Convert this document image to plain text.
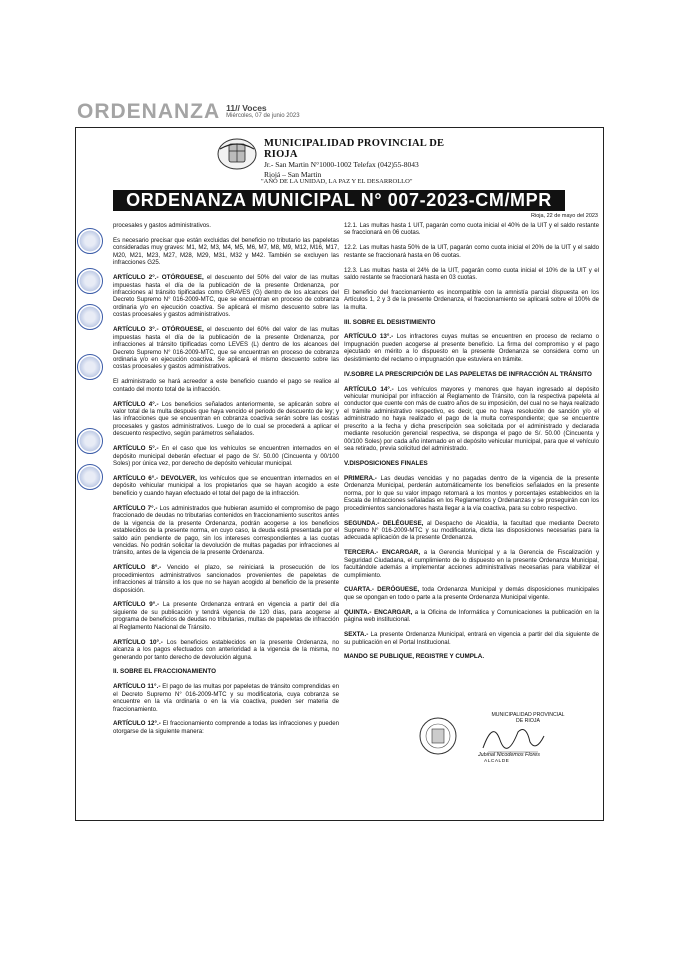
ORDENANZA 11// Voces
Miércoles, 07 de junio 2023
MUNICIPALIDAD PROVINCIAL DE RIOJA
Jr.- San Martin N°1000-1002 Telefax (042)55-8043
Riojá – San Martin
"AÑO DE LA UNIDAD, LA PAZ Y EL DESARROLLO"
ORDENANZA MUNICIPAL N° 007-2023-CM/MPR
Rioja, 22 de mayo del 2023

procesales y gastos administrativos.

Es necesario precisar que están excluidas del beneficio no tributario las papeletas consideradas muy graves: M1, M2, M3, M4, M5, M6, M7, M8, M9, M12, M16, M17, M20, M21, M23, M27, M28, M29, M31, M32 y M42. También se excluyen las infracciones G25.

ARTÍCULO 2°.- OTÓRGUESE, el descuento del 50% del valor de las multas impuestas hasta el día de la publicación de la presente Ordenanza, por infracciones al tránsito tipificadas como GRAVES (G) dentro de los alcances del Decreto Supremo N° 016-2009-MTC, que se encuentran en proceso de cobranza ordinaria y/o en ejecución coactiva. Se aplicará el mismo descuento sobre las costas procesales y gastos administrativos.

ARTÍCULO 3°.- OTÓRGUESE, el descuento del 60% del valor de las multas impuestas hasta el día de la publicación de la presente Ordenanza, por infracciones al tránsito tipificadas como LEVES (L) dentro de los alcances del Decreto Supremo N° 016-2009-MTC, que se encuentran en proceso de cobranza ordinaria y/o en ejecución coactiva. Se aplicará el mismo descuento sobre las costas procesales y gastos administrativos.

El administrado se hará acreedor a este beneficio cuando el pago se realice al contado del monto total de la infracción.

ARTÍCULO 4°.- Los beneficios señalados anteriormente, se aplicarán sobre el valor total de la multa después que haya vencido el periodo de descuento de ley; y las infracciones que se encuentran en cobranza coactiva serán sobre las costas procesales y gastos administrativos. Luego de lo cual se procederá a aplicar el descuento respectivo, según parámetros señalados.

ARTÍCULO 5°.- En el caso que los vehículos se encuentren internados en el depósito municipal deberán efectuar el pago de S/. 50.00 (Cincuenta y 00/100 Soles) por única vez, por derecho de depósito vehicular municipal.

ARTÍCULO 6°.- DEVOLVER, los vehículos que se encuentran internados en el depósito vehicular municipal a los propietarios que se hayan acogido a este beneficio y cuando hayan efectuado el total del pago de la infracción.

ARTÍCULO 7°.- Los administrados que hubieran asumido el compromiso de pago fraccionado de deudas no tributarias contenidos en fraccionamiento suscritos antes de la vigencia de la presente Ordenanza, podrán acogerse a los beneficios establecidos de la presente norma, en cuyo caso, la deuda está presentada por el saldo aún pendiente de pago, sin los intereses correspondientes a las cuotas vencidas. No podrán solicitar la devolución de multas pagadas por infracciones al tránsito, antes de la vigencia de la presente Ordenanza.

ARTÍCULO 8°.- Vencido el plazo, se reiniciará la prosecución de los procedimientos administrativos sancionados provenientes de papeletas de infracciones al tránsito a los que no se hayan acogido al beneficio de la presente disposición.

ARTÍCULO 9°.- La presente Ordenanza entrará en vigencia a partir del día siguiente de su publicación y tendrá vigencia de 120 días, para acogerse al programa de beneficios de deudas no tributarias, multas de papeletas de infracción al Reglamento Nacional de Tránsito.

ARTÍCULO 10°.- Los beneficios establecidos en la presente Ordenanza, no alcanza a los pagos efectuados con anterioridad a la vigencia de la misma, no generando por tanto derecho de devolución alguna.

II. SOBRE EL FRACCIONAMIENTO

ARTÍCULO 11°.- El pago de las multas por papeletas de tránsito comprendidas en el Decreto Supremo N° 016-2009-MTC y su modificatoria, cuya cobranza se encuentre en la vía ordinaria o en la vía coactiva, pueden ser materia de fraccionamiento.

ARTÍCULO 12°.- El fraccionamiento comprende a todas las infracciones y pueden otorgarse de la siguiente manera:

12.1. Las multas hasta 1 UIT, pagarán como cuota inicial el 40% de la UIT y el saldo restante se fraccionará en 06 cuotas.

12.2. Las multas hasta 50% de la UIT, pagarán como cuota inicial el 20% de la UIT y el saldo restante se fraccionará hasta en 06 cuotas.

12.3. Las multas hasta el 24% de la UIT, pagarán como cuota inicial el 10% de la UIT y el saldo restante se fraccionará hasta en 03 cuotas.

El beneficio del fraccionamiento es incompatible con la amnistía parcial dispuesta en los Artículos 1, 2 y 3 de la presente Ordenanza, el fraccionamiento se aplicará sobre el 100% de la multa.

III. SOBRE EL DESISTIMIENTO

ARTÍCULO 13°.- Los infractores cuyas multas se encuentren en proceso de reclamo o Impugnación pueden acogerse al presente beneficio. La firma del compromiso y el pago ejecutado en mérito a lo dispuesto en la presente Ordenanza se considera como un desistimiento del reclamo o impugnación que estuviera en trámite.

IV.SOBRE LA PRESCRIPCIÓN DE LAS PAPELETAS DE INFRACCIÓN AL TRÁNSITO

ARTÍCULO 14°.- Los vehículos mayores y menores que hayan ingresado al depósito vehicular municipal por infracción al Reglamento de Tránsito, con la respectiva papeleta al conductor que cuente con más de cuatro años de su imposición, del cual no se haya realizado el trámite administrativo respectivo, es decir, que no haya resolución de sanción y/o el administrado no haya realizado el pago de la multa correspondiente; que se encuentre prescrito a la fecha y dicha prescripción sea solicitada por el administrado y declarada mediante resolución gerencial respectiva, se disponga el pago de S/. 50.00 (Cincuenta y 00/100 Soles) por cada año internado en el depósito vehicular municipal, para que el vehículo sea retirado, previa solicitud del administrado.

V.DISPOSICIONES FINALES

PRIMERA.- Las deudas vencidas y no pagadas dentro de la vigencia de la presente Ordenanza Municipal, perderán automáticamente los beneficios señalados en la presente norma, por lo que su valor impago retornará a los montos y porcentajes establecidos en la Escala de Infracciones señaladas en los Reglamentos y Ordenanzas y se proseguirán con los procedimientos sancionadores hasta llegar a la vía coactiva, para su cobro respectivo.

SEGUNDA.- DELÉGUESE, al Despacho de Alcaldía, la facultad que mediante Decreto Supremo N° 016-2009-MTC y su modificatoria, dicta las disposiciones necesarias para la adecuada aplicación de la presente Ordenanza.

TERCERA.- ENCARGAR, a la Gerencia Municipal y a la Gerencia de Fiscalización y Seguridad Ciudadana, el cumplimiento de lo dispuesto en la presente Ordenanza Municipal, facultándole además a implementar acciones administrativas necesarias para viabilizar el cumplimiento.

CUARTA.- DERÓGUESE, toda Ordenanza Municipal y demás disposiciones municipales que se opongan en todo o parte a la presente Ordenanza Municipal vigente.

QUINTA.- ENCARGAR, a la Oficina de Informática y Comunicaciones la publicación en la página web institucional.

SEXTA.- La presente Ordenanza Municipal, entrará en vigencia a partir del día siguiente de su publicación en el Portal Institucional.

MANDO SE PUBLIQUE, REGISTRE Y CUMPLA.

MUNICIPALIDAD PROVINCIAL DE RIOJA
Jubinal Nicodemos Flores
ALCALDE
